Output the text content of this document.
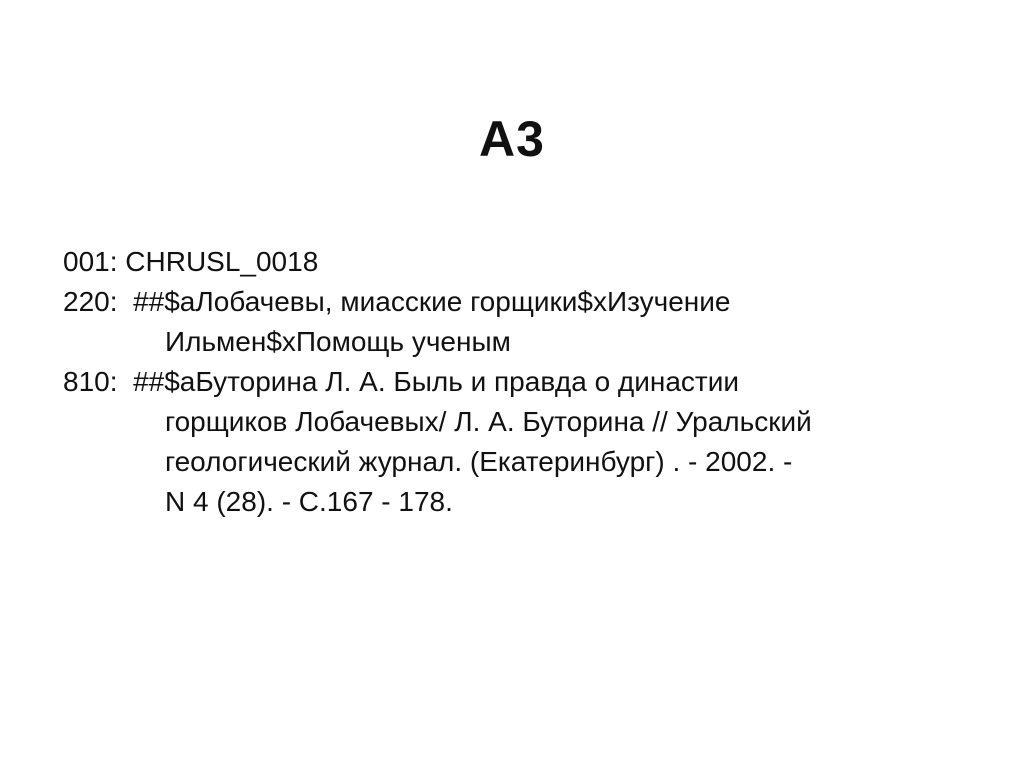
A3
001: CHRUSL_0018
220: ##$aЛобачевы, миасские горщики$xИзучение
Ильмен$xПомощь ученым
810: ##$aБуторина Л. А. Быль и правда о династии
горщиков Лобачевых/ Л. А. Буторина // Уральский
геологический журнал. (Екатеринбург) . - 2002. -
N 4 (28). - С.167 - 178.
